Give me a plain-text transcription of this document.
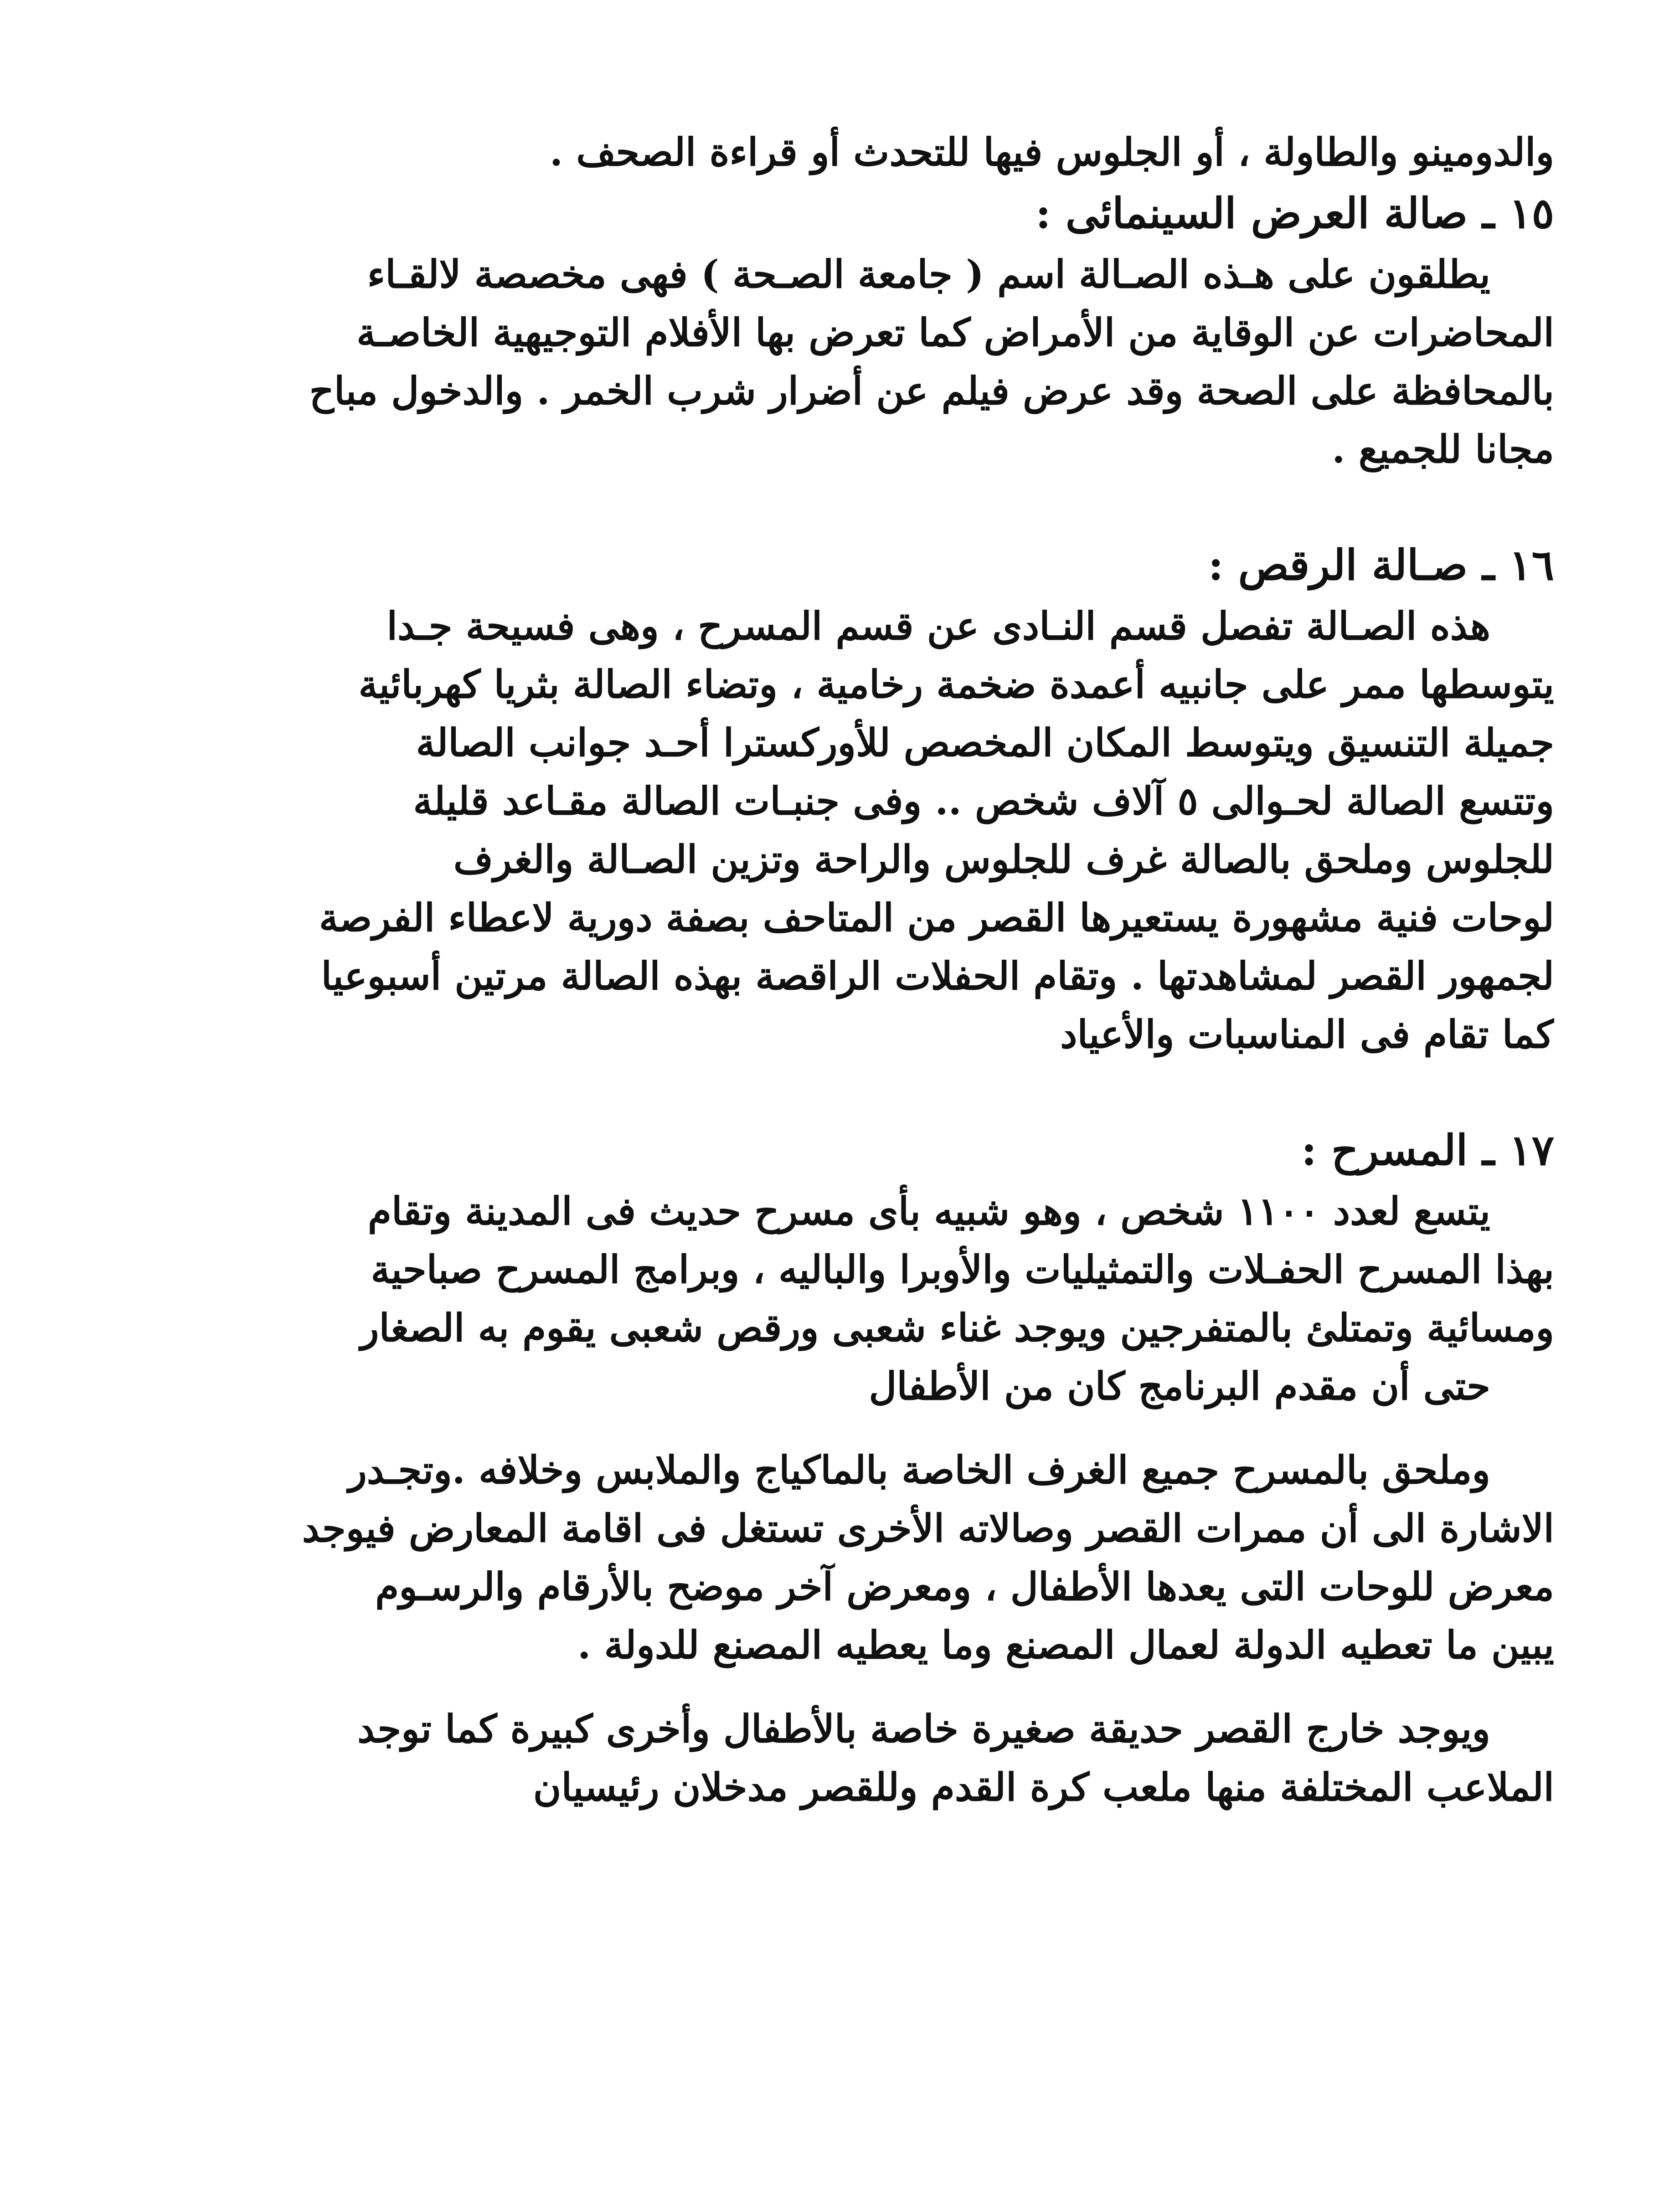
والدومينو والطاولة ، أو الجلوس فيها للتحدث أو قراءة الصحف .
١٥ ـ صالة العرض السينمائى :
يطلقون على هـذه الصـالة اسم ( جامعة الصـحة ) فهى مخصصة لالقـاء
المحاضرات عن الوقاية من الأمراض كما تعرض بها الأفلام التوجيهية الخاصـة
بالمحافظة على الصحة وقد عرض فيلم عن أضرار شرب الخمر . والدخول مباح
مجانا للجميع .
١٦ ـ صـالة الرقص :
هذه الصـالة تفصل قسم النـادى عن قسم المسرح ، وهى فسيحة جـدا
يتوسطها ممر على جانبيه أعمدة ضخمة رخامية ، وتضاء الصالة بثريا كهربائية
جميلة التنسيق ويتوسط المكان المخصص للأوركسترا أحـد جوانب الصالة
وتتسع الصالة لحـوالى ٥ آلاف شخص .. وفى جنبـات الصالة مقـاعد قليلة
للجلوس وملحق بالصالة غرف للجلوس والراحة وتزين الصـالة والغرف
لوحات فنية مشهورة يستعيرها القصر من المتاحف بصفة دورية لاعطاء الفرصة
لجمهور القصر لمشاهدتها . وتقام الحفلات الراقصة بهذه الصالة مرتين أسبوعيا
كما تقام فى المناسبات والأعياد
١٧ ـ المسرح :
يتسع لعدد ١١٠٠ شخص ، وهو شبيه بأى مسرح حديث فى المدينة وتقام
بهذا المسرح الحفـلات والتمثيليات والأوبرا والباليه ، وبرامج المسرح صباحية
ومسائية وتمتلئ بالمتفرجين ويوجد غناء شعبى ورقص شعبى يقوم به الصغار
حتى أن مقدم البرنامج كان من الأطفال
وملحق بالمسرح جميع الغرف الخاصة بالماكياج والملابس وخلافه .وتجـدر
الاشارة الى أن ممرات القصر وصالاته الأخرى تستغل فى اقامة المعارض فيوجد
معرض للوحات التى يعدها الأطفال ، ومعرض آخر موضح بالأرقام والرسـوم
يبين ما تعطيه الدولة لعمال المصنع وما يعطيه المصنع للدولة .
ويوجد خارج القصر حديقة صغيرة خاصة بالأطفال وأخرى كبيرة كما توجد
الملاعب المختلفة منها ملعب كرة القدم وللقصر مدخلان رئيسيان
